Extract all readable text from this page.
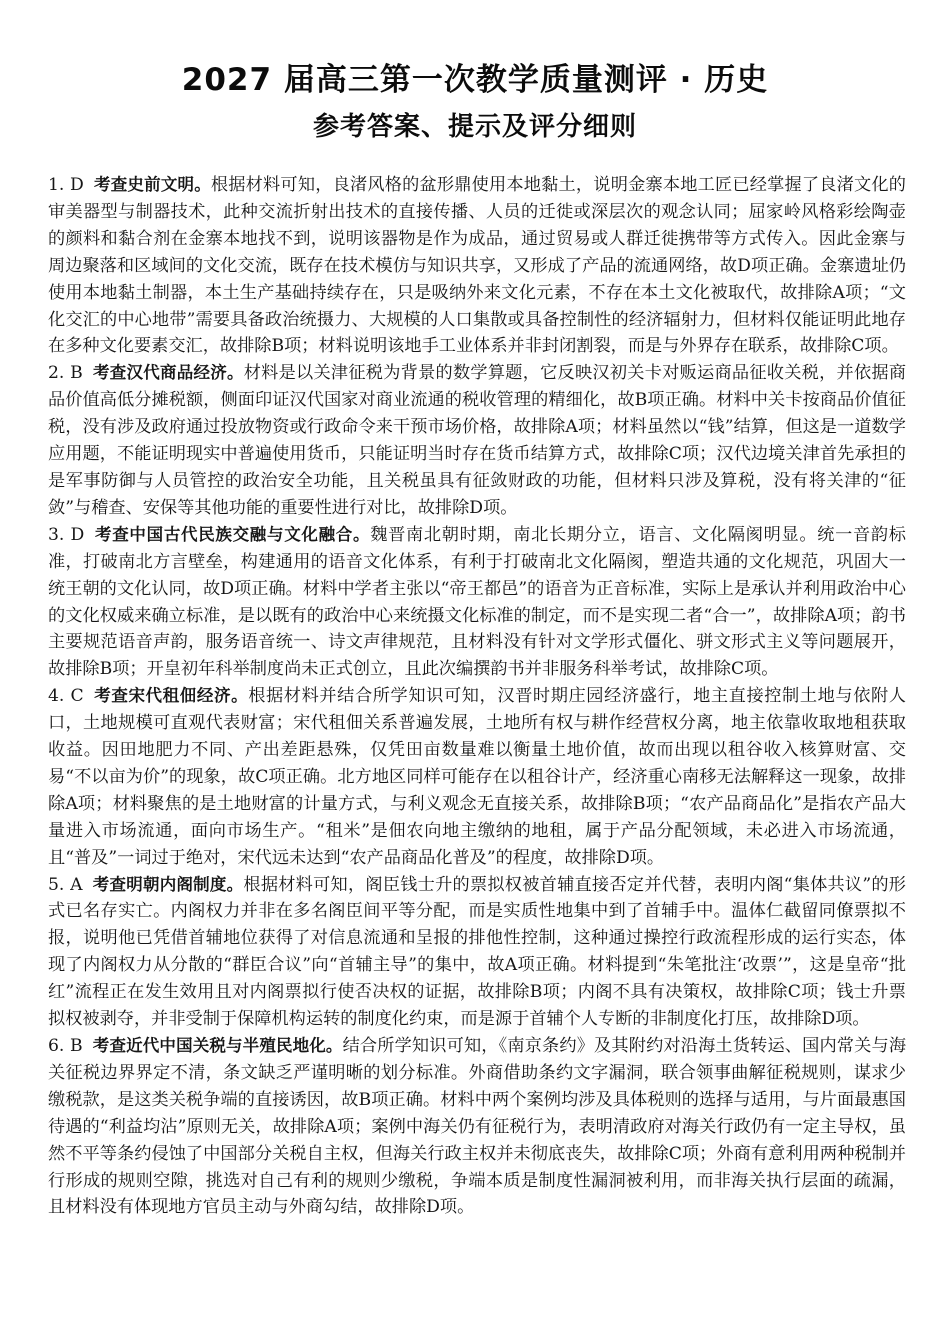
2027 届高三第一次教学质量测评 · 历史
参考答案、提示及评分细则

1. D 考查史前文明。根据材料可知，良渚风格的盆形鼎使用本地黏土，说明金寨本地工匠已经掌握了良渚文化的审美器型与制器技术，此种交流折射出技术的直接传播、人员的迁徙或深层次的观念认同；屈家岭风格彩绘陶壶的颜料和黏合剂在金寨本地找不到，说明该器物是作为成品，通过贸易或人群迁徙携带等方式传入。因此金寨与周边聚落和区域间的文化交流，既存在技术模仿与知识共享，又形成了产品的流通网络，故D项正确。金寨遗址仍使用本地黏土制器，本土生产基础持续存在，只是吸纳外来文化元素，不存在本土文化被取代，故排除A项；“文化交汇的中心地带”需要具备政治统摄力、大规模的人口集散或具备控制性的经济辐射力，但材料仅能证明此地存在多种文化要素交汇，故排除B项；材料说明该地手工业体系并非封闭割裂，而是与外界存在联系，故排除C项。

2. B 考查汉代商品经济。材料是以关津征税为背景的数学算题，它反映汉初关卡对贩运商品征收关税，并依据商品价值高低分摊税额，侧面印证汉代国家对商业流通的税收管理的精细化，故B项正确。材料中关卡按商品价值征税，没有涉及政府通过投放物资或行政命令来干预市场价格，故排除A项；材料虽然以“钱”结算，但这是一道数学应用题，不能证明现实中普遍使用货币，只能证明当时存在货币结算方式，故排除C项；汉代边境关津首先承担的是军事防御与人员管控的政治安全功能，且关税虽具有征敛财政的功能，但材料只涉及算税，没有将关津的“征敛”与稽查、安保等其他功能的重要性进行对比，故排除D项。

3. D 考查中国古代民族交融与文化融合。魏晋南北朝时期，南北长期分立，语言、文化隔阂明显。统一音韵标准，打破南北方言壁垒，构建通用的语音文化体系，有利于打破南北文化隔阂，塑造共通的文化规范，巩固大一统王朝的文化认同，故D项正确。材料中学者主张以“帝王都邑”的语音为正音标准，实际上是承认并利用政治中心的文化权威来确立标准，是以既有的政治中心来统摄文化标准的制定，而不是实现二者“合一”，故排除A项；韵书主要规范语音声韵，服务语音统一、诗文声律规范，且材料没有针对文学形式僵化、骈文形式主义等问题展开，故排除B项；开皇初年科举制度尚未正式创立，且此次编撰韵书并非服务科举考试，故排除C项。

4. C 考查宋代租佃经济。根据材料并结合所学知识可知，汉晋时期庄园经济盛行，地主直接控制土地与依附人口，土地规模可直观代表财富；宋代租佃关系普遍发展，土地所有权与耕作经营权分离，地主依靠收取地租获取收益。因田地肥力不同、产出差距悬殊，仅凭田亩数量难以衡量土地价值，故而出现以租谷收入核算财富、交易“不以亩为价”的现象，故C项正确。北方地区同样可能存在以租谷计产，经济重心南移无法解释这一现象，故排除A项；材料聚焦的是土地财富的计量方式，与利义观念无直接关系，故排除B项；“农产品商品化”是指农产品大量进入市场流通，面向市场生产。“租米”是佃农向地主缴纳的地租，属于产品分配领域，未必进入市场流通，且“普及”一词过于绝对，宋代远未达到“农产品商品化普及”的程度，故排除D项。

5. A 考查明朝内阁制度。根据材料可知，阁臣钱士升的票拟权被首辅直接否定并代替，表明内阁“集体共议”的形式已名存实亡。内阁权力并非在多名阁臣间平等分配，而是实质性地集中到了首辅手中。温体仁截留同僚票拟不报，说明他已凭借首辅地位获得了对信息流通和呈报的排他性控制，这种通过操控行政流程形成的运行实态，体现了内阁权力从分散的“群臣合议”向“首辅主导”的集中，故A项正确。材料提到“朱笔批注‘改票’”，这是皇帝“批红”流程正在发生效用且对内阁票拟行使否决权的证据，故排除B项；内阁不具有决策权，故排除C项；钱士升票拟权被剥夺，并非受制于保障机构运转的制度化约束，而是源于首辅个人专断的非制度化打压，故排除D项。

6. B 考查近代中国关税与半殖民地化。结合所学知识可知，《南京条约》及其附约对沿海土货转运、国内常关与海关征税边界界定不清，条文缺乏严谨明晰的划分标准。外商借助条约文字漏洞，联合领事曲解征税规则，谋求少缴税款，是这类关税争端的直接诱因，故B项正确。材料中两个案例均涉及具体税则的选择与适用，与片面最惠国待遇的“利益均沾”原则无关，故排除A项；案例中海关仍有征税行为，表明清政府对海关行政仍有一定主导权，虽然不平等条约侵蚀了中国部分关税自主权，但海关行政主权并未彻底丧失，故排除C项；外商有意利用两种税制并行形成的规则空隙，挑选对自己有利的规则少缴税，争端本质是制度性漏洞被利用，而非海关执行层面的疏漏，且材料没有体现地方官员主动与外商勾结，故排除D项。
